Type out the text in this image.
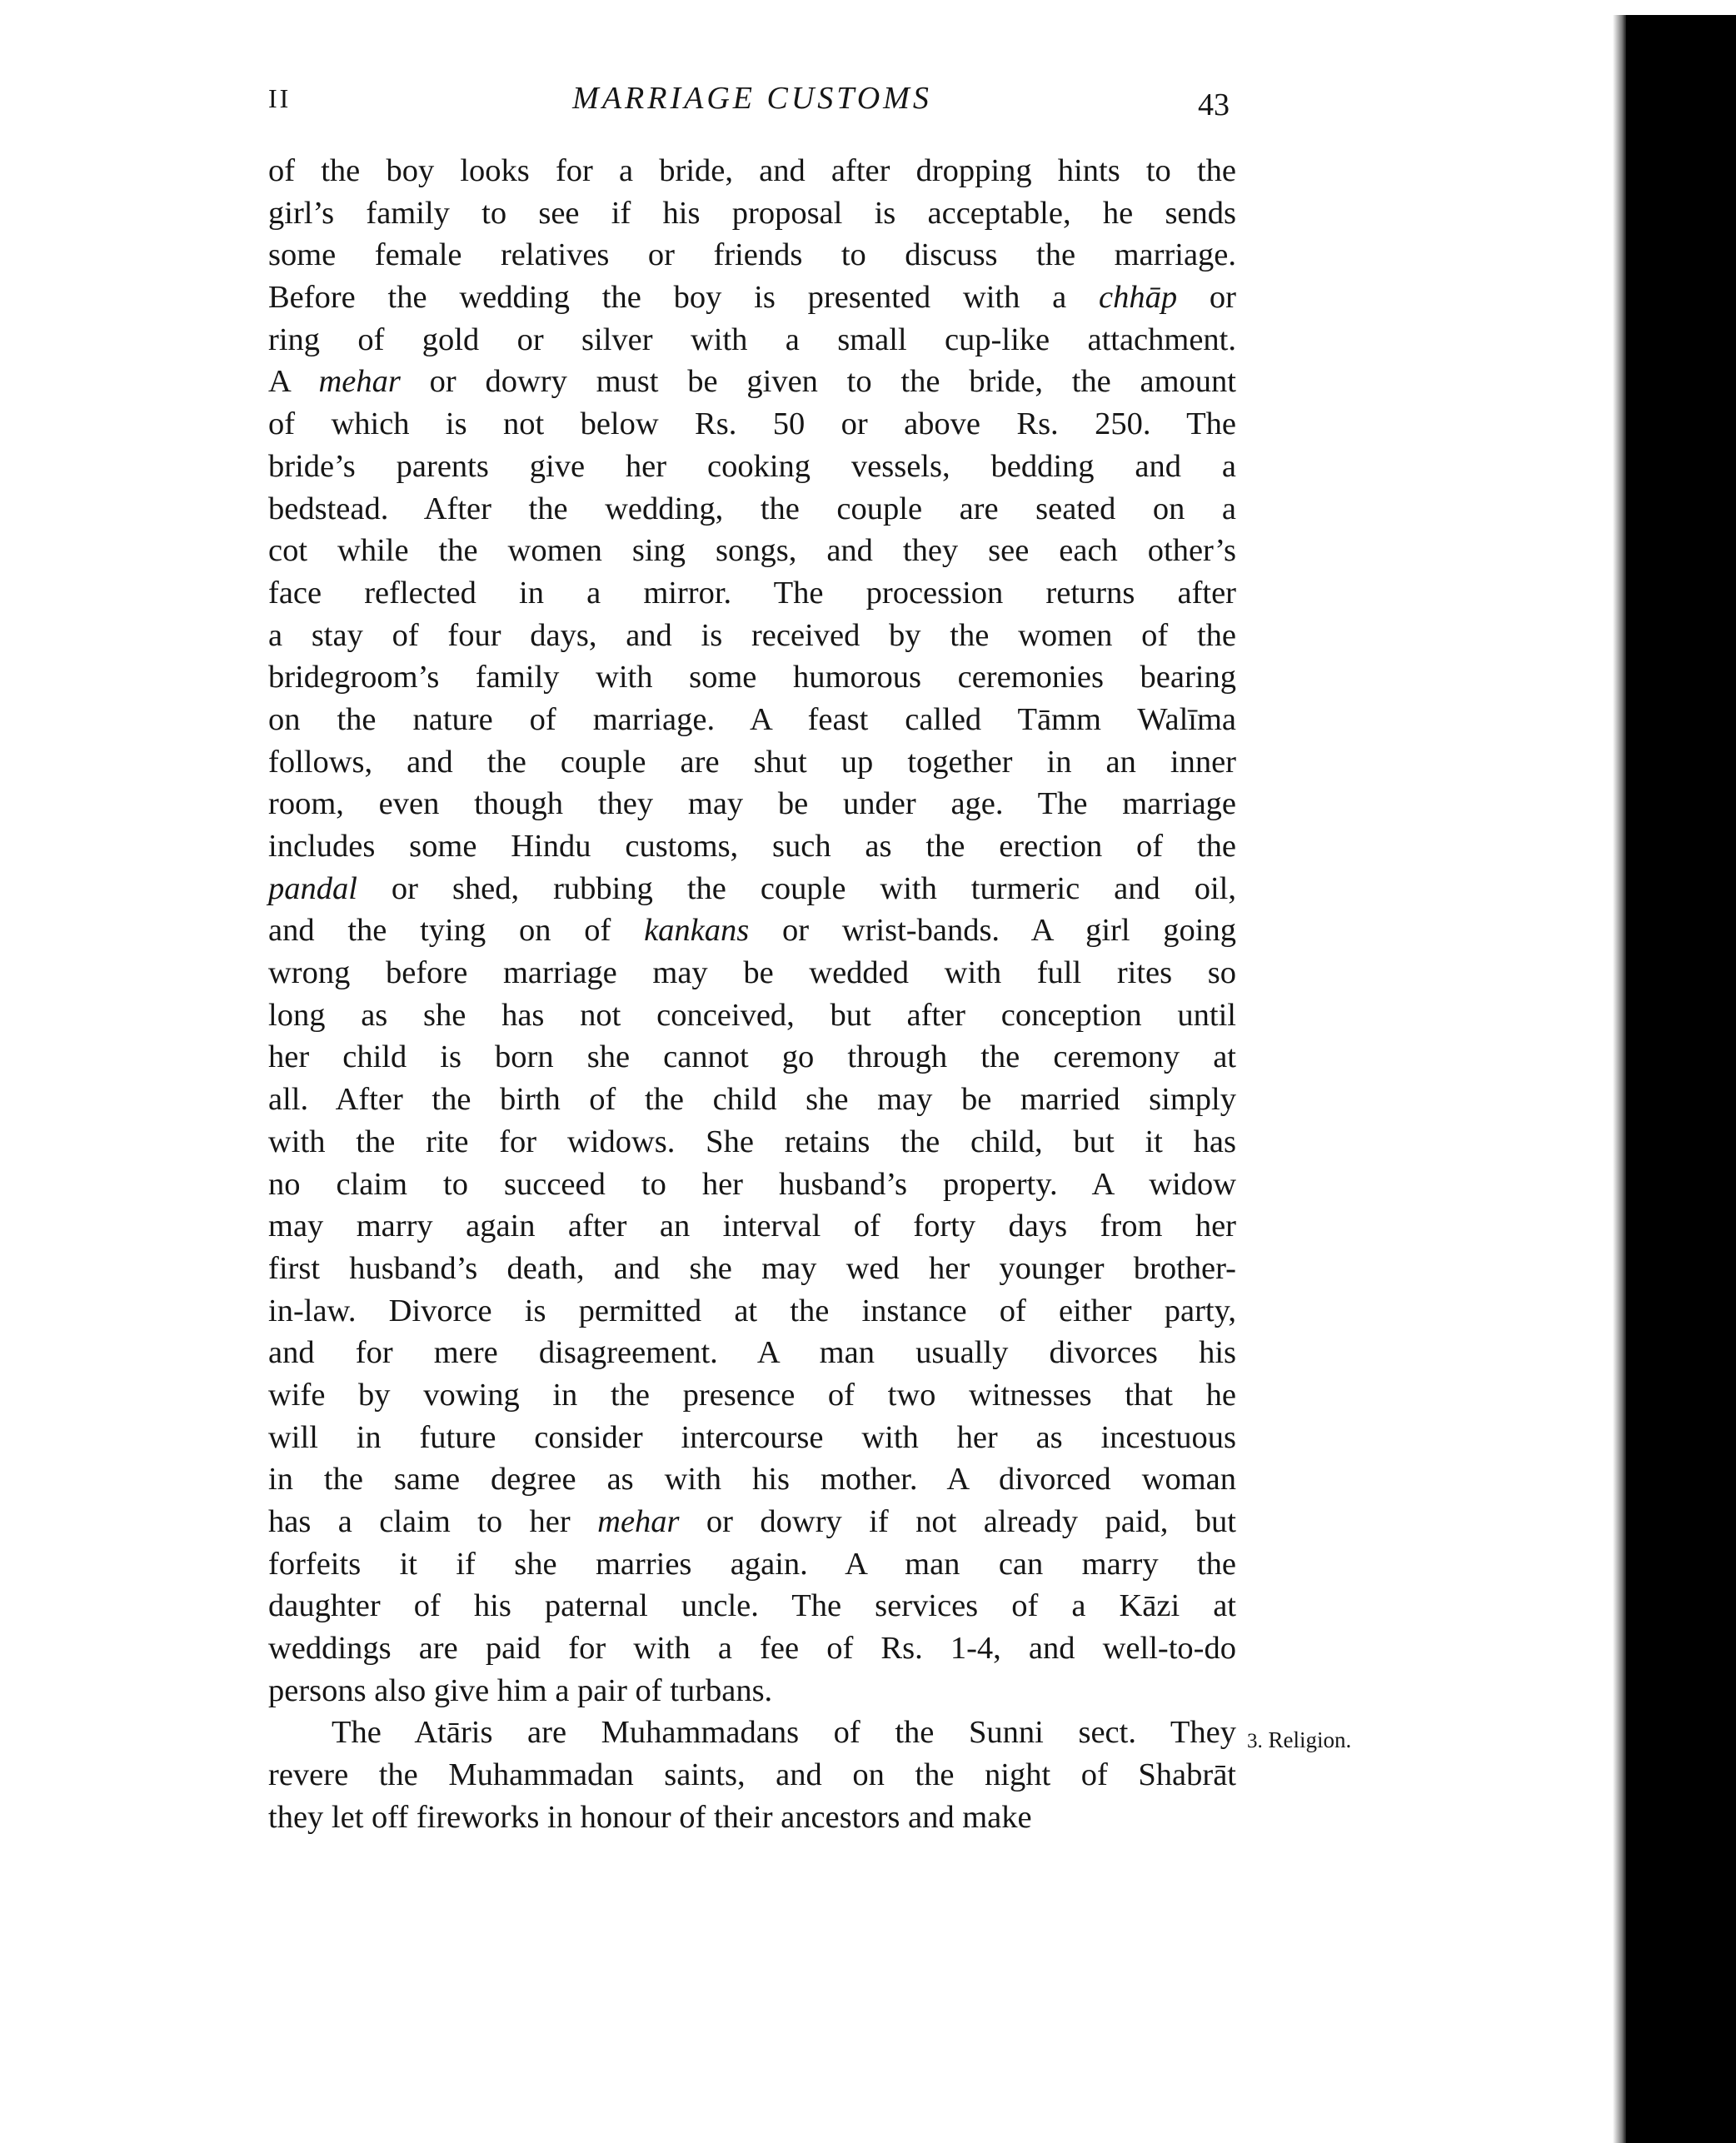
II	MARRIAGE CUSTOMS	43
of the boy looks for a bride, and after dropping hints to the
girl’s family to see if his proposal is acceptable, he sends
some female relatives or friends to discuss the marriage.
Before the wedding the boy is presented with a chhāp or
ring of gold or silver with a small cup-like attachment.
A mehar or dowry must be given to the bride, the amount
of which is not below Rs. 50 or above Rs. 250. The
bride’s parents give her cooking vessels, bedding and a
bedstead. After the wedding, the couple are seated on a
cot while the women sing songs, and they see each other’s
face reflected in a mirror. The procession returns after
a stay of four days, and is received by the women of the
bridegroom’s family with some humorous ceremonies bearing
on the nature of marriage. A feast called Tāmm Walīma
follows, and the couple are shut up together in an inner
room, even though they may be under age. The marriage
includes some Hindu customs, such as the erection of the
pandal or shed, rubbing the couple with turmeric and oil,
and the tying on of kankans or wrist-bands. A girl going
wrong before marriage may be wedded with full rites so
long as she has not conceived, but after conception until
her child is born she cannot go through the ceremony at
all. After the birth of the child she may be married simply
with the rite for widows. She retains the child, but it has
no claim to succeed to her husband’s property. A widow
may marry again after an interval of forty days from her
first husband’s death, and she may wed her younger brother-
in-law. Divorce is permitted at the instance of either party,
and for mere disagreement. A man usually divorces his
wife by vowing in the presence of two witnesses that he
will in future consider intercourse with her as incestuous
in the same degree as with his mother. A divorced woman
has a claim to her mehar or dowry if not already paid, but
forfeits it if she marries again. A man can marry the
daughter of his paternal uncle. The services of a Kāzi at
weddings are paid for with a fee of Rs. 1-4, and well-to-do
persons also give him a pair of turbans.
The Atāris are Muhammadans of the Sunni sect. They
revere the Muhammadan saints, and on the night of Shabrāt
they let off fireworks in honour of their ancestors and make
3. Religion.
